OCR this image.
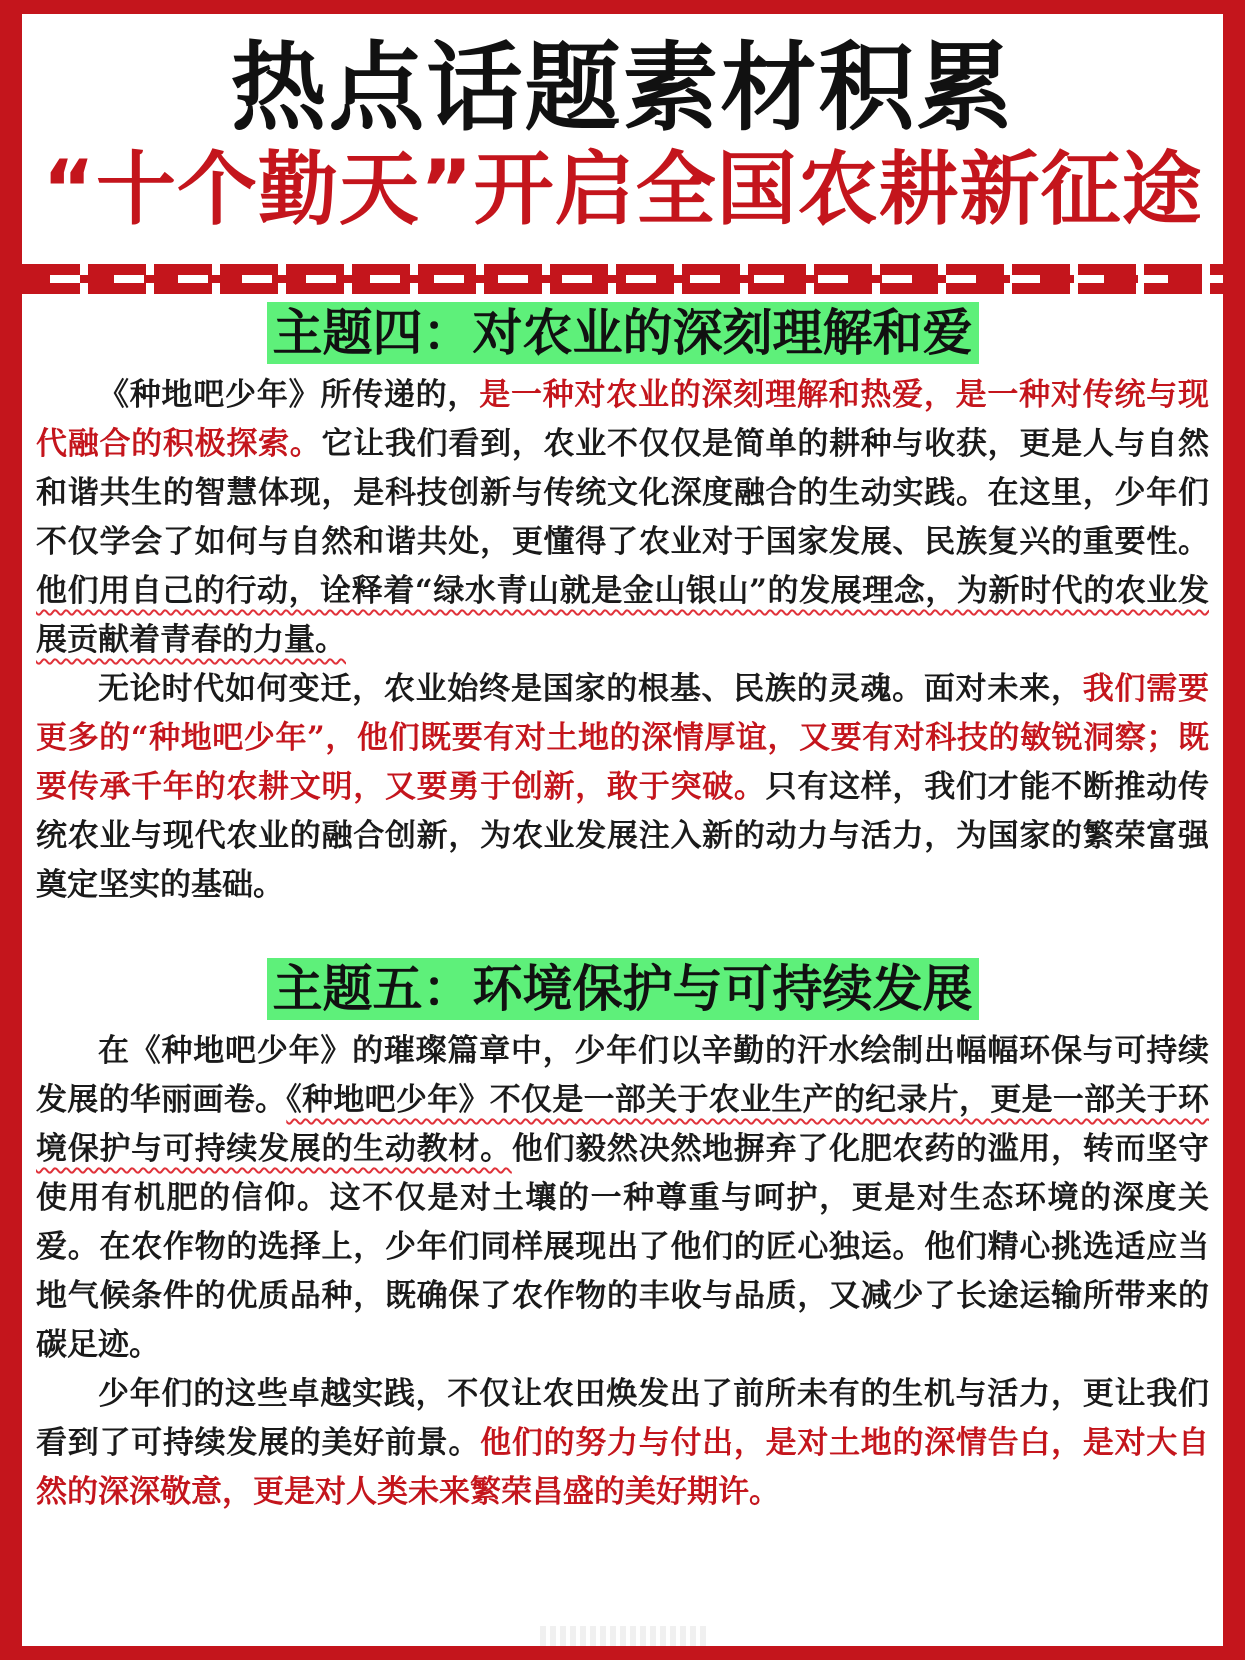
热点话题素材积累
“十个勤天”开启全国农耕新征途
主题四：对农业的深刻理解和爱

《种地吧少年》所传递的，是一种对农业的深刻理解和热爱，是一种对传统与现代融合的积极探索。它让我们看到，农业不仅仅是简单的耕种与收获，更是人与自然和谐共生的智慧体现，是科技创新与传统文化深度融合的生动实践。在这里，少年们不仅学会了如何与自然和谐共处，更懂得了农业对于国家发展、民族复兴的重要性。他们用自己的行动，诠释着“绿水青山就是金山银山”的发展理念，为新时代的农业发展贡献着青春的力量。

无论时代如何变迁，农业始终是国家的根基、民族的灵魂。面对未来，我们需要更多的“种地吧少年”，他们既要有对土地的深情厚谊，又要有对科技的敏锐洞察；既要传承千年的农耕文明，又要勇于创新，敢于突破。只有这样，我们才能不断推动传统农业与现代农业的融合创新，为农业发展注入新的动力与活力，为国家的繁荣富强奠定坚实的基础。

主题五：环境保护与可持续发展

在《种地吧少年》的璀璨篇章中，少年们以辛勤的汗水绘制出幅幅环保与可持续发展的华丽画卷。《种地吧少年》不仅是一部关于农业生产的纪录片，更是一部关于环境保护与可持续发展的生动教材。他们毅然决然地摒弃了化肥农药的滥用，转而坚守使用有机肥的信仰。这不仅是对土壤的一种尊重与呵护，更是对生态环境的深度关爱。在农作物的选择上，少年们同样展现出了他们的匠心独运。他们精心挑选适应当地气候条件的优质品种，既确保了农作物的丰收与品质，又减少了长途运输所带来的碳足迹。

少年们的这些卓越实践，不仅让农田焕发出了前所未有的生机与活力，更让我们看到了可持续发展的美好前景。他们的努力与付出，是对土地的深情告白，是对大自然的深深敬意，更是对人类未来繁荣昌盛的美好期许。
